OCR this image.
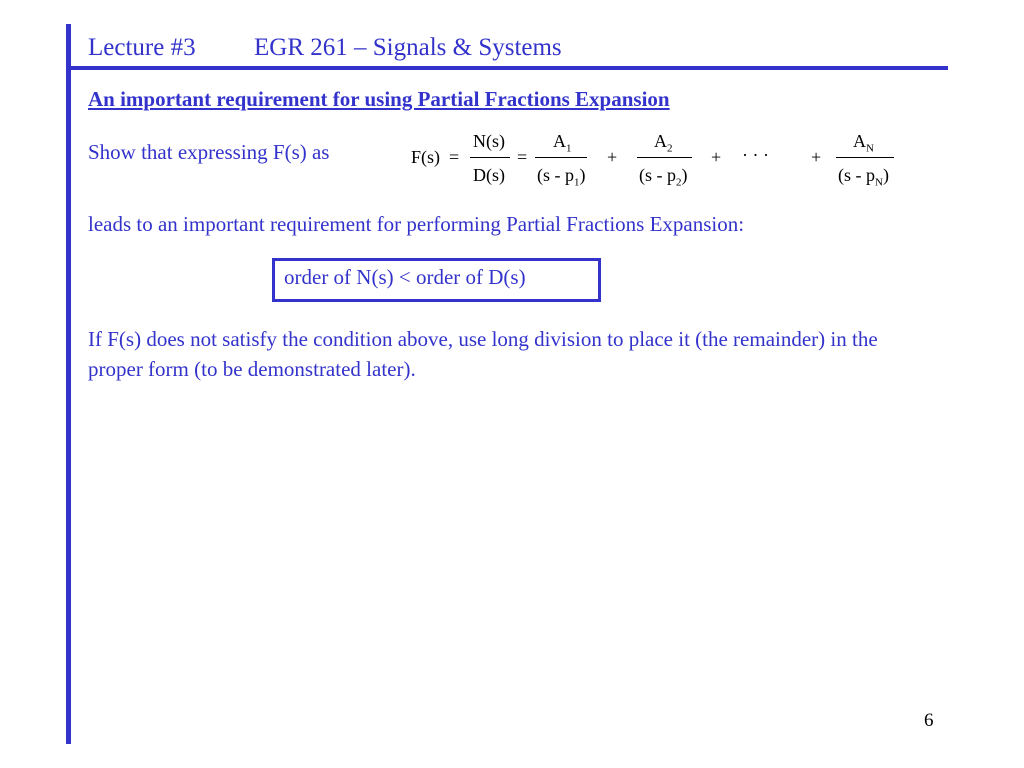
Lecture #3 EGR 261 – Signals & Systems
An important requirement for using Partial Fractions Expansion
Show that expressing F(s) as	F(s) =
N(s)
D(s)
=
$A_1$
$(s - p_1)$
+
$A_2$
$(s - p_2)$
+ · · · +
$A_N$
$(s - p_N)$
leads to an important requirement for performing Partial Fractions Expansion:
order of N(s) < order of D(s)
If F(s) does not satisfy the condition above, use long division to place it (the remainder) in the proper form (to be demonstrated later).
6
